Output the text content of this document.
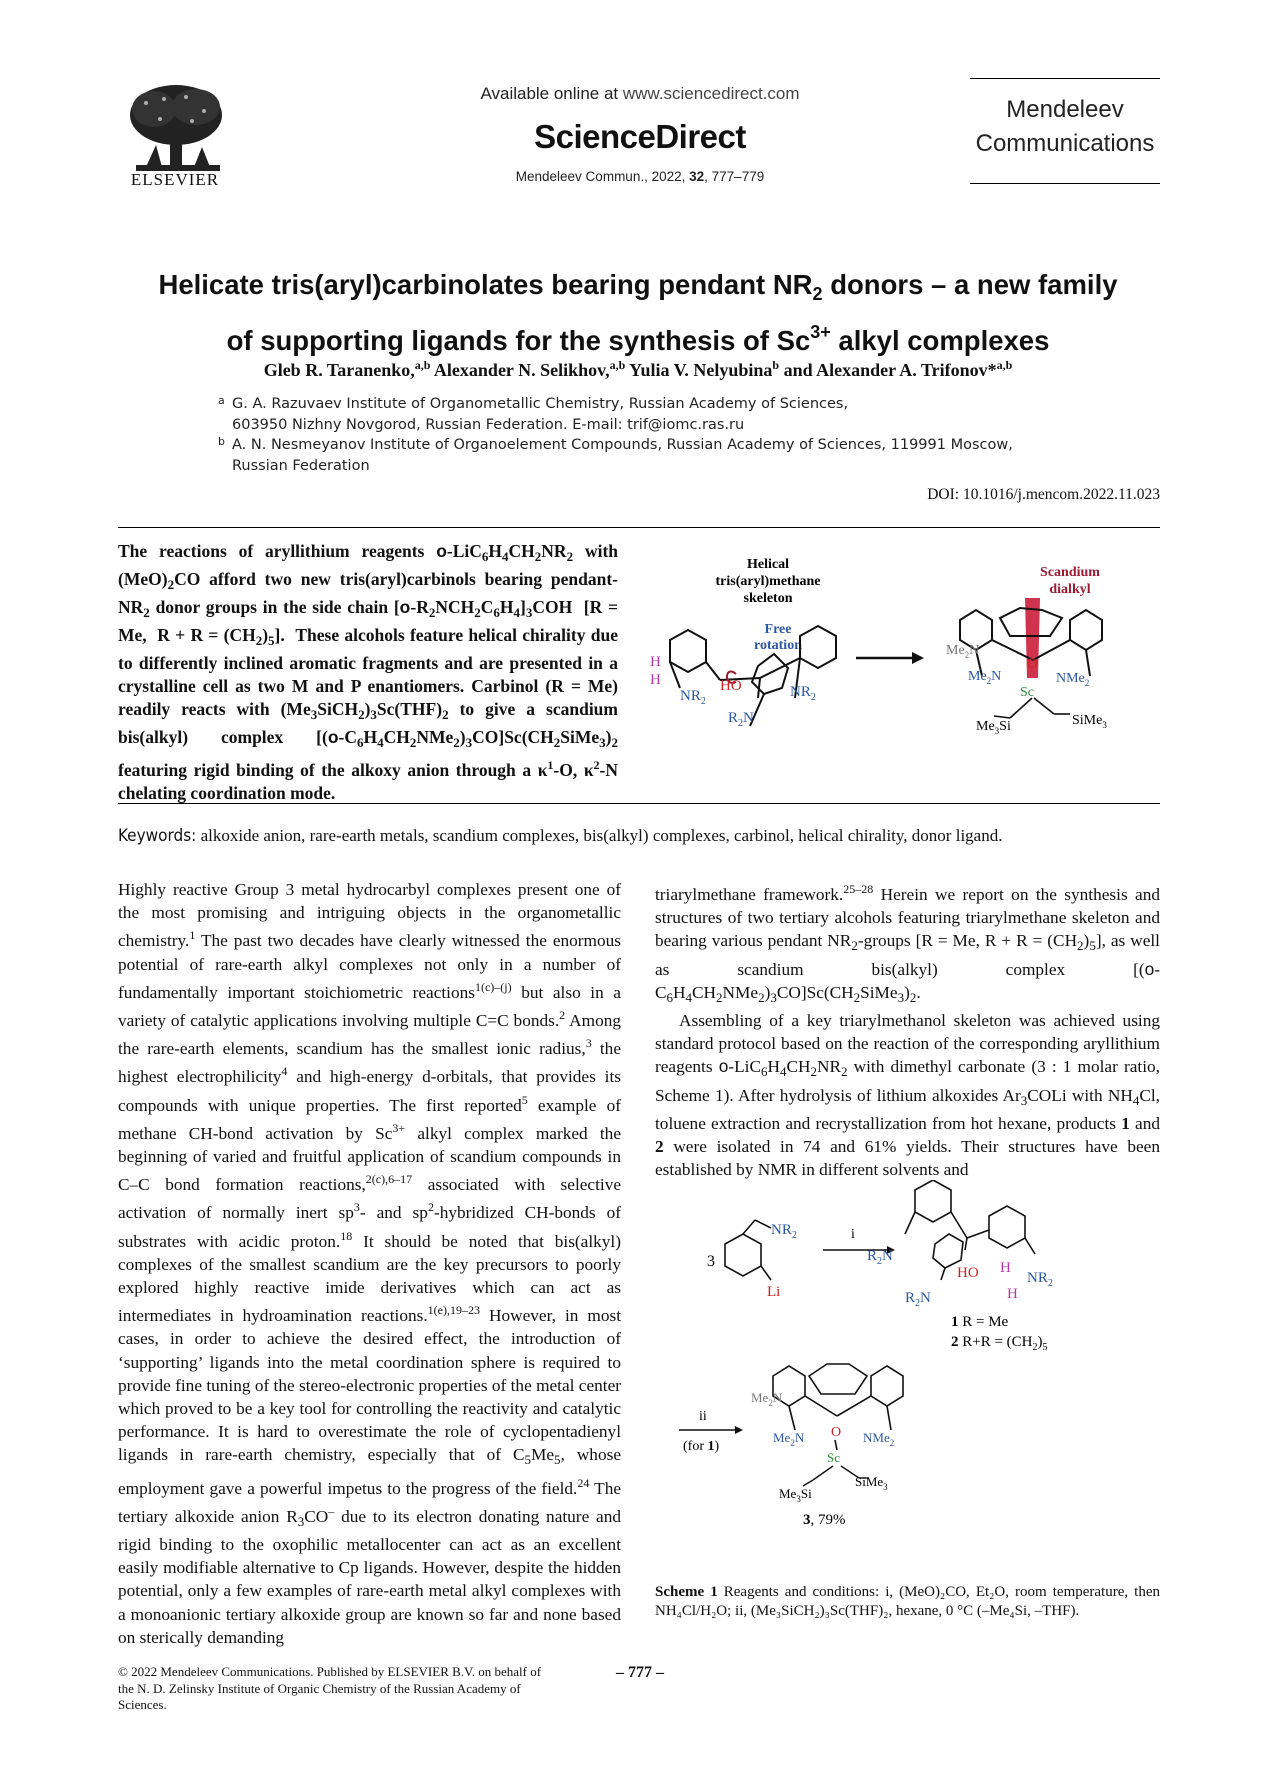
ELSEVIER
Available online at www.sciencedirect.com
ScienceDirect
Mendeleev Commun., 2022, 32, 777–779
Mendeleev
Communications
Helicate tris(aryl)carbinolates bearing pendant $NR_2$ donors – a new family
of supporting ligands for the synthesis of $Sc^{3+}$ alkyl complexes
Gleb R. Taranenko,$^{a,b}$ Alexander N. Selikhov,$^{a,b}$ Yulia V. Nelyubina$^b$ and Alexander A. Trifonov*$^{a,b}$
a G. A. Razuvaev Institute of Organometallic Chemistry, Russian Academy of Sciences,
603950 Nizhny Novgorod, Russian Federation. E-mail: trif@iomc.ras.ru
b A. N. Nesmeyanov Institute of Organoelement Compounds, Russian Academy of Sciences, 119991 Moscow,
Russian Federation
DOI: 10.1016/j.mencom.2022.11.023
The reactions of aryllithium reagents $o-LiC_6H_4CH_2NR_2$ with $(MeO)_2CO$ afford two new tris(aryl)carbinols bearing pendant-$NR_2$ donor groups in the side chain $[o-R_2NCH_2C_6H_4]_3COH$  [R = Me,  $R + R = (CH_2)_5$].  These alcohols feature helical chirality due to differently inclined aromatic fragments and are presented in a crystalline cell as two M and P enantiomers. Carbinol (R = Me) readily reacts with $(Me_3SiCH_2)_3Sc(THF)_2$ to give a scandium bis(alkyl) complex $[(o-C_6H_4CH_2NMe_2)_3CO]Sc(CH_2SiMe_3)_2$ featuring rigid binding of the alkoxy anion through a $\kappa^1-O$, $\kappa^2-N$ chelating coordination mode.
Helical
tris(aryl)methane
skeleton
Free
rotation
Scandium
dialkyl
H
H
$NR_2$
HO	$NR_2$
$R_2N$
O
$Me_2N$
$Me_2N$	NMe$_2$
Sc
$Me_3Si$	SiMe$_3$
Keywords: alkoxide anion, rare-earth metals, scandium complexes, bis(alkyl) complexes, carbinol, helical chirality, donor ligand.

Highly reactive Group 3 metal hydrocarbyl complexes present one of the most promising and intriguing objects in the organometallic chemistry.$^1$ The past two decades have clearly witnessed the enormous potential of rare-earth alkyl complexes not only in a number of fundamentally important stoichiometric reactions$^{1(c)-(j)}$ but also in a variety of catalytic applications involving multiple C=C bonds.$^2$ Among the rare-earth elements, scandium has the smallest ionic radius,$^3$ the highest electrophilicity$^4$ and high-energy d-orbitals, that provides its compounds with unique properties. The first reported$^5$ example of methane CH-bond activation by $Sc^{3+}$ alkyl complex marked the beginning of varied and fruitful application of scandium compounds in C–C bond formation reactions,$^{2(c),6-17}$ associated with selective activation of normally inert $sp^3-$ and $sp^2$-hybridized CH-bonds of substrates with acidic proton.$^{18}$ It should be noted that bis(alkyl) complexes of the smallest scandium are the key precursors to poorly explored highly reactive imide derivatives which can act as intermediates in hydroamination reactions.$^{1(e),19-23}$ However, in most cases, in order to achieve the desired effect, the introduction of ‘supporting’ ligands into the metal coordination sphere is required to provide fine tuning of the stereo-electronic properties of the metal center which proved to be a key tool for controlling the reactivity and catalytic performance. It is hard to overestimate the role of cyclopentadienyl ligands in rare-earth chemistry, especially that of $C_5Me_5$, whose employment gave a powerful impetus to the progress of the field.$^{24}$ The tertiary alkoxide anion $R_3CO^-$ due to its electron donating nature and rigid binding to the oxophilic metallocenter can act as an excellent easily modifiable alternative to Cp ligands. However, despite the hidden potential, only a few examples of rare-earth metal alkyl complexes with a monoanionic tertiary alkoxide group are known so far and none based on sterically demanding

triarylmethane framework.$^{25-28}$ Herein we report on the synthesis and structures of two tertiary alcohols featuring triarylmethane skeleton and bearing various pendant $NR_2$-groups [R = Me, $R + R = (CH_2)_5$], as well as scandium bis(alkyl) complex $[(o-C_6H_4CH_2NMe_2)_3CO]Sc(CH_2SiMe_3)_2$.

Assembling of a key triarylmethanol skeleton was achieved using standard protocol based on the reaction of the corresponding aryllithium reagents $o-LiC_6H_4CH_2NR_2$ with dimethyl carbonate (3 : 1 molar ratio, Scheme 1). After hydrolysis of lithium alkoxides $Ar_3COLi$ with $NH_4Cl$, toluene extraction and recrystallization from hot hexane, products 1 and 2 were isolated in 74 and 61% yields. Their structures have been established by NMR in different solvents and

3
$NR_2$
Li
i
$R_2N$
HO H
$NR_2$
H
$R_2N$
1 R = Me
2 $R+R = (CH_2)_5$
ii
(for 1)
O
$Me_2N$
$Me_2N$	NMe$_2$
Sc
$Me_3Si$
SiMe$_3$
3, 79%
Scheme 1 Reagents and conditions: i, (MeO)₂CO, Et₂O, room temperature, then NH₄Cl/H₂O; ii, (Me₃SiCH₂)₃Sc(THF)₂, hexane, 0 °C (–Me₄Si, –THF).
© 2022 Mendeleev Communications. Published by ELSEVIER B.V. on behalf of the N. D. Zelinsky Institute of Organic Chemistry of the Russian Academy of Sciences.
– 777 –
